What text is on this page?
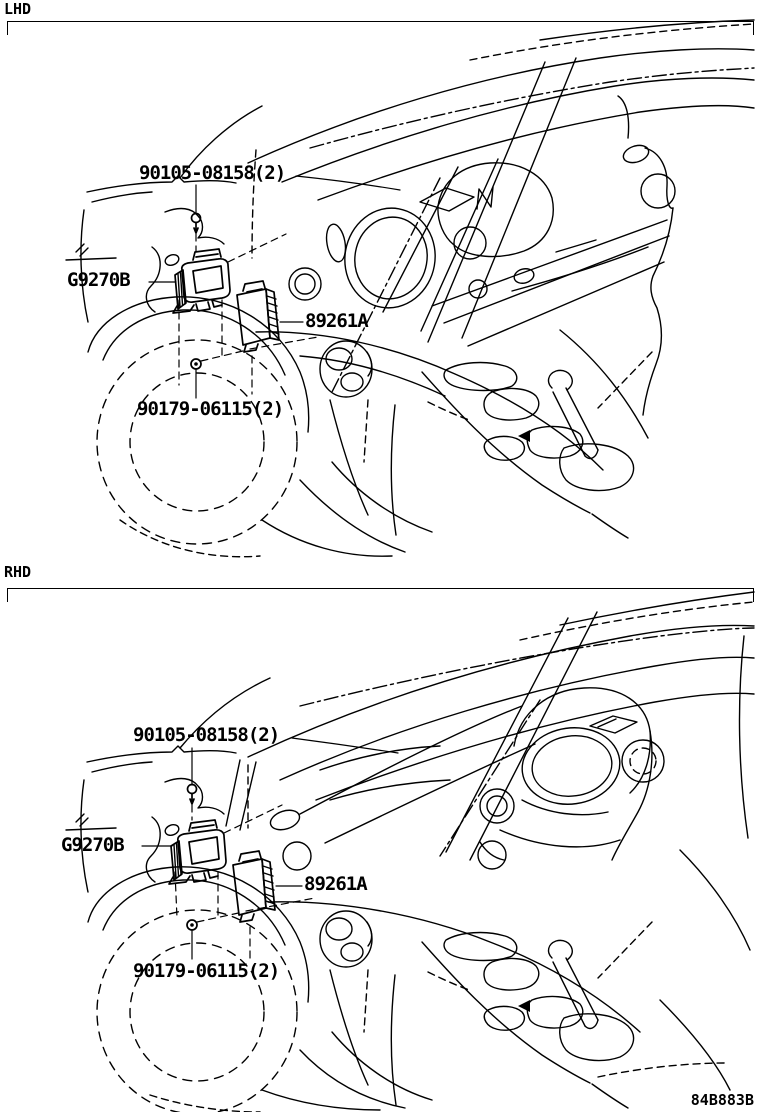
LHD
90105-08158(2)
G9270B
89261A
90179-06115(2)
RHD
90105-08158(2)
G9270B
89261A
90179-06115(2)
84B883B
